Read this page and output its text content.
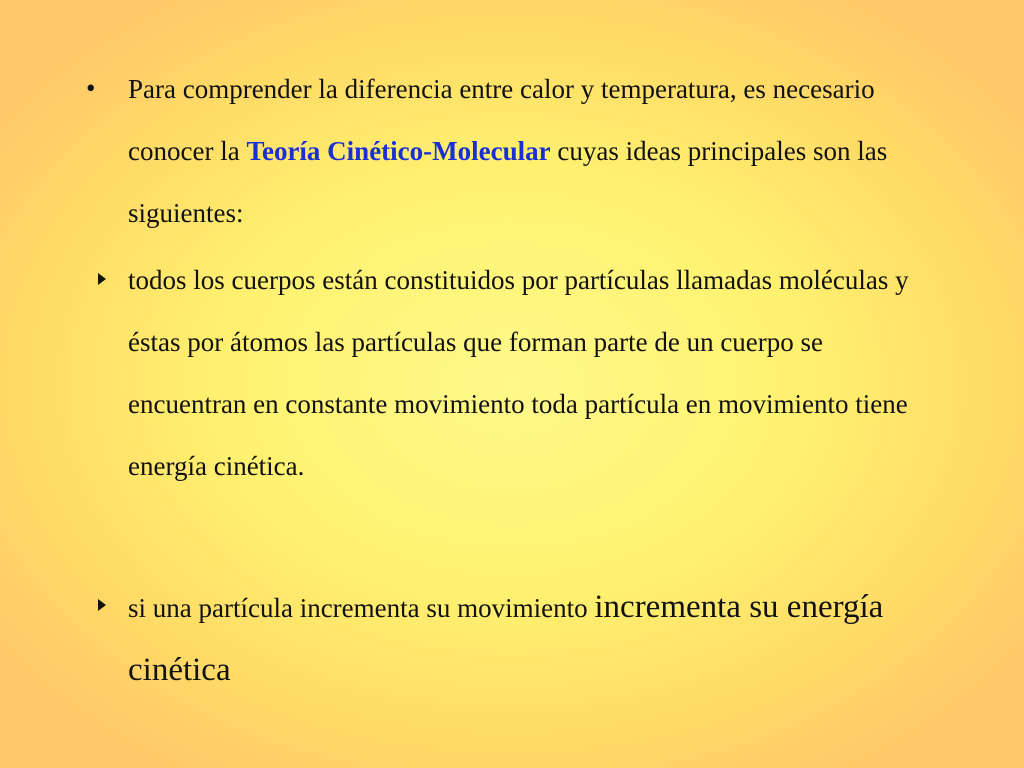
• Para comprender la diferencia entre calor y temperatura, es necesario conocer la Teoría Cinético-Molecular cuyas ideas principales son las siguientes:
todos los cuerpos están constituidos por partículas llamadas moléculas y éstas por átomos las partículas que forman parte de un cuerpo se encuentran en constante movimiento toda partícula en movimiento tiene energía cinética.
si una partícula incrementa su movimiento incrementa su energía cinética
